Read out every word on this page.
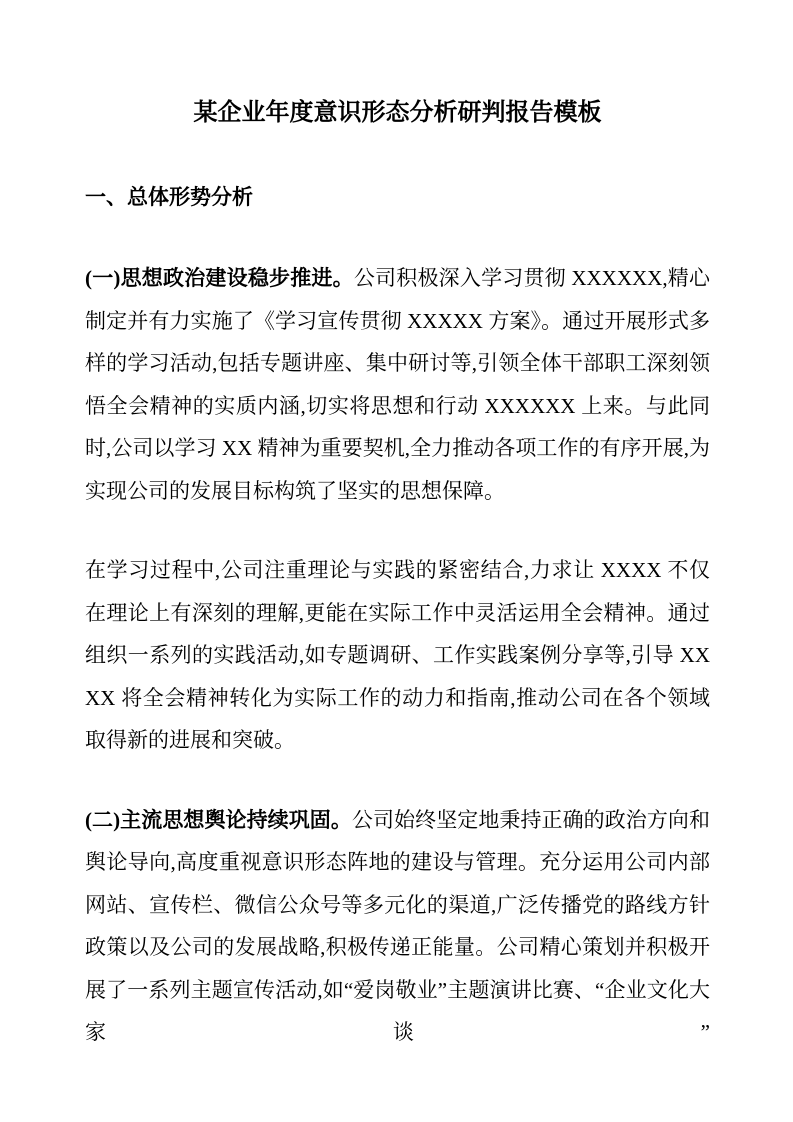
某企业年度意识形态分析研判报告模板
一、总体形势分析

(一)思想政治建设稳步推进。公司积极深入学习贯彻 XXXXXX,精心制定并有力实施了《学习宣传贯彻 XXXXX 方案》。通过开展形式多样的学习活动,包括专题讲座、集中研讨等,引领全体干部职工深刻领悟全会精神的实质内涵,切实将思想和行动 XXXXXX 上来。与此同时,公司以学习 XX 精神为重要契机,全力推动各项工作的有序开展,为实现公司的发展目标构筑了坚实的思想保障。

在学习过程中,公司注重理论与实践的紧密结合,力求让 XXXX 不仅在理论上有深刻的理解,更能在实际工作中灵活运用全会精神。通过组织一系列的实践活动,如专题调研、工作实践案例分享等,引导 XXXX 将全会精神转化为实际工作的动力和指南,推动公司在各个领域取得新的进展和突破。

(二)主流思想舆论持续巩固。公司始终坚定地秉持正确的政治方向和舆论导向,高度重视意识形态阵地的建设与管理。充分运用公司内部网站、宣传栏、微信公众号等多元化的渠道,广泛传播党的路线方针政策以及公司的发展战略,积极传递正能量。公司精心策划并积极开展了一系列主题宣传活动,如“爱岗敬业”主题演讲比赛、“企业文化大家谈”
